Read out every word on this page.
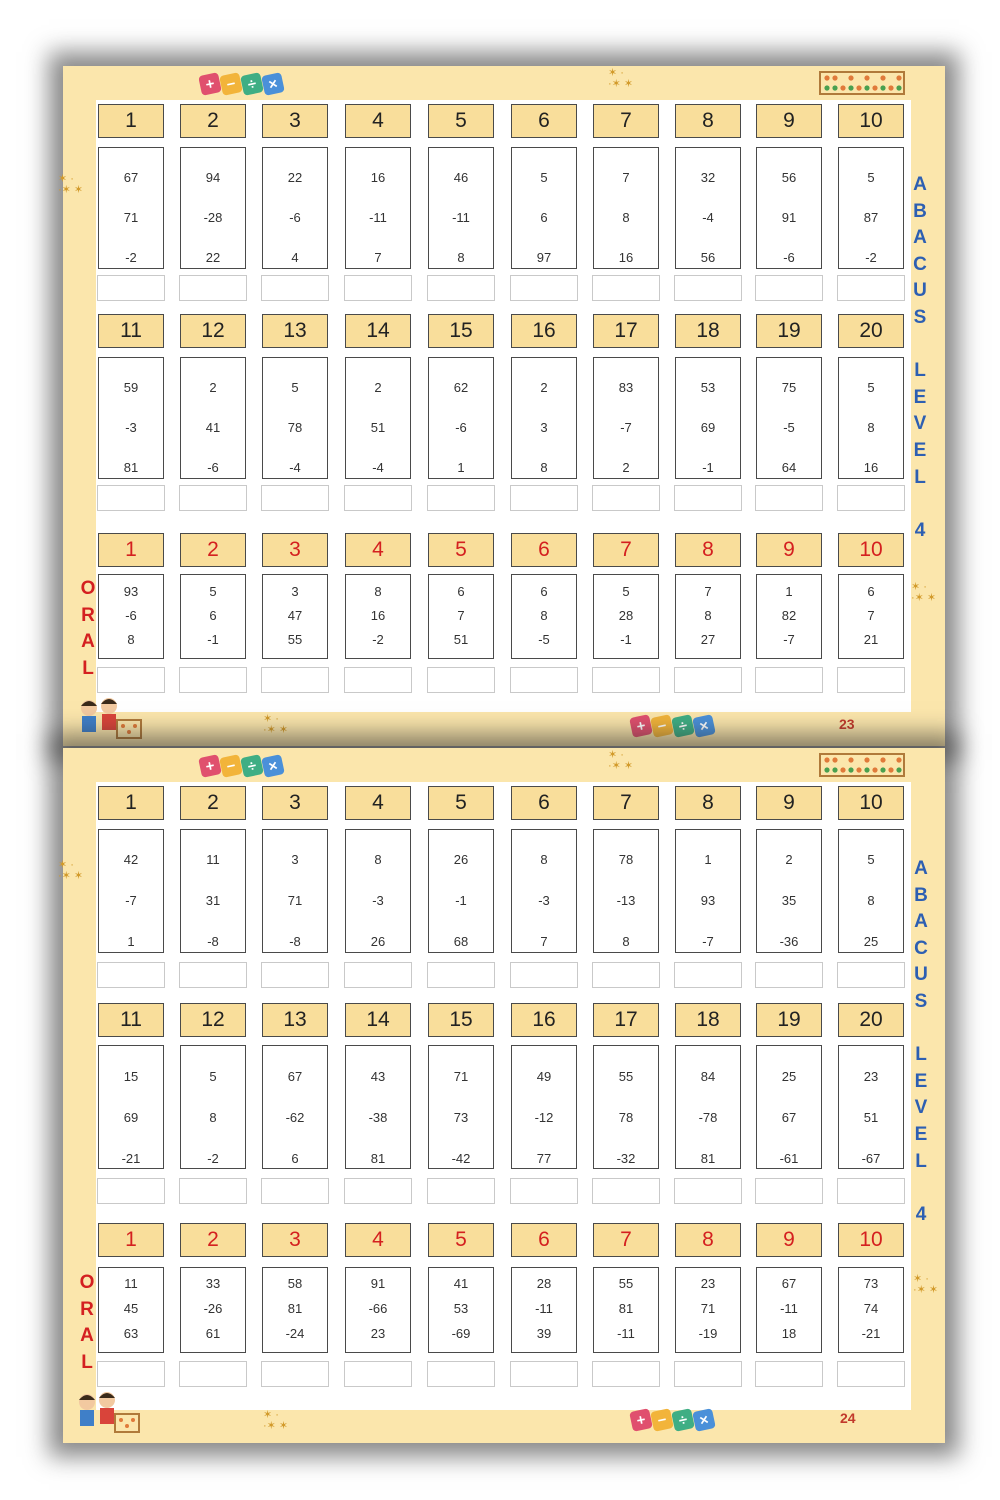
1
67
71
-2
2
94
-28
22
3
22
-6
4
4
16
-11
7
5
46
-11
8
6
5
6
97
7
7
8
16
8
32
-4
56
9
56
91
-6
10
5
87
-2
11
59
-3
81
12
2
41
-6
13
5
78
-4
14
2
51
-4
15
62
-6
1
16
2
3
8
17
83
-7
2
18
53
69
-1
19
75
-5
64
20
5
8
16
1
93
-6
8
2
5
6
-1
3
3
47
55
4
8
16
-2
5
6
7
51
6
6
8
-5
7
5
28
-1
8
7
8
27
9
1
82
-7
10
6
7
21
A
B
A
C
U
S
L
E
V
E
L
4
O
R
A
L
23
+ − ÷ ×
+ − ÷ ×
✶ ·
·✶ ✶
✶ ·
·✶ ✶
✶ ·
·✶ ✶
✶ ·
·✶ ✶
1
42
-7
1
2
11
31
-8
3
3
71
-8
4
8
-3
26
5
26
-1
68
6
8
-3
7
7
78
-13
8
8
1
93
-7
9
2
35
-36
10
5
8
25
11
15
69
-21
12
5
8
-2
13
67
-62
6
14
43
-38
81
15
71
73
-42
16
49
-12
77
17
55
78
-32
18
84
-78
81
19
25
67
-61
20
23
51
-67
1
11
45
63
2
33
-26
61
3
58
81
-24
4
91
-66
23
5
41
53
-69
6
28
-11
39
7
55
81
-11
8
23
71
-19
9
67
-11
18
10
73
74
-21
A
B
A
C
U
S
L
E
V
E
L
4
O
R
A
L
24
+ − ÷ ×
+ − ÷ ×
✶ ·
·✶ ✶
✶ ·
·✶ ✶
✶ ·
·✶ ✶
✶ ·
·✶ ✶
